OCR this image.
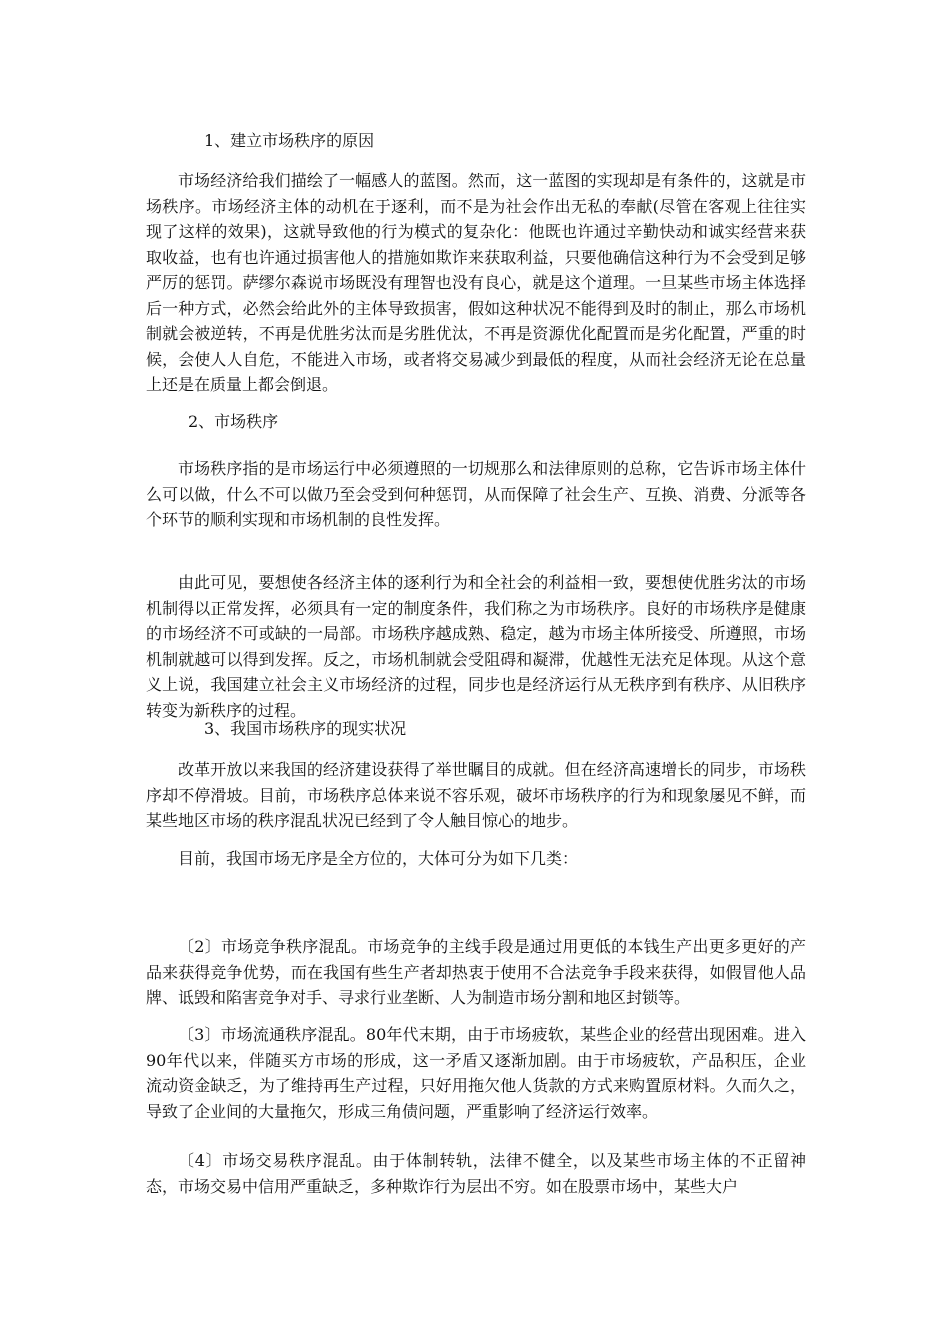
1、建立市场秩序的原因

市场经济给我们描绘了一幅感人的蓝图。然而，这一蓝图的实现却是有条件的，这就是市场秩序。市场经济主体的动机在于逐利，而不是为社会作出无私的奉献(尽管在客观上往往实现了这样的效果)，这就导致他的行为模式的复杂化：他既也许通过辛勤快动和诚实经营来获取收益，也有也许通过损害他人的措施如欺诈来获取利益，只要他确信这种行为不会受到足够严厉的惩罚。萨缪尔森说市场既没有理智也没有良心，就是这个道理。一旦某些市场主体选择后一种方式，必然会给此外的主体导致损害，假如这种状况不能得到及时的制止，那么市场机制就会被逆转，不再是优胜劣汰而是劣胜优汰，不再是资源优化配置而是劣化配置，严重的时候，会使人人自危，不能进入市场，或者将交易减少到最低的程度，从而社会经济无论在总量上还是在质量上都会倒退。

2、市场秩序

市场秩序指的是市场运行中必须遵照的一切规那么和法律原则的总称，它告诉市场主体什么可以做，什么不可以做乃至会受到何种惩罚，从而保障了社会生产、互换、消费、分派等各个环节的顺利实现和市场机制的良性发挥。

由此可见，要想使各经济主体的逐利行为和全社会的利益相一致，要想使优胜劣汰的市场机制得以正常发挥，必须具有一定的制度条件，我们称之为市场秩序。良好的市场秩序是健康的市场经济不可或缺的一局部。市场秩序越成熟、稳定，越为市场主体所接受、所遵照，市场机制就越可以得到发挥。反之，市场机制就会受阻碍和凝滞，优越性无法充足体现。从这个意义上说，我国建立社会主义市场经济的过程，同步也是经济运行从无秩序到有秩序、从旧秩序转变为新秩序的过程。

3、我国市场秩序的现实状况

改革开放以来我国的经济建设获得了举世瞩目的成就。但在经济高速增长的同步，市场秩序却不停滑坡。目前，市场秩序总体来说不容乐观，破坏市场秩序的行为和现象屡见不鲜，而某些地区市场的秩序混乱状况已经到了令人触目惊心的地步。

目前，我国市场无序是全方位的，大体可分为如下几类：

〔2〕市场竞争秩序混乱。市场竞争的主线手段是通过用更低的本钱生产出更多更好的产品来获得竞争优势，而在我国有些生产者却热衷于使用不合法竞争手段来获得，如假冒他人品牌、诋毁和陷害竞争对手、寻求行业垄断、人为制造市场分割和地区封锁等。

〔3〕市场流通秩序混乱。80年代末期，由于市场疲软，某些企业的经营出现困难。进入90年代以来，伴随买方市场的形成，这一矛盾又逐渐加剧。由于市场疲软，产品积压，企业流动资金缺乏，为了维持再生产过程，只好用拖欠他人货款的方式来购置原材料。久而久之，导致了企业间的大量拖欠，形成三角债问题，严重影响了经济运行效率。

〔4〕市场交易秩序混乱。由于体制转轨，法律不健全，以及某些市场主体的不正留神态，市场交易中信用严重缺乏，多种欺诈行为层出不穷。如在股票市场中，某些大户
